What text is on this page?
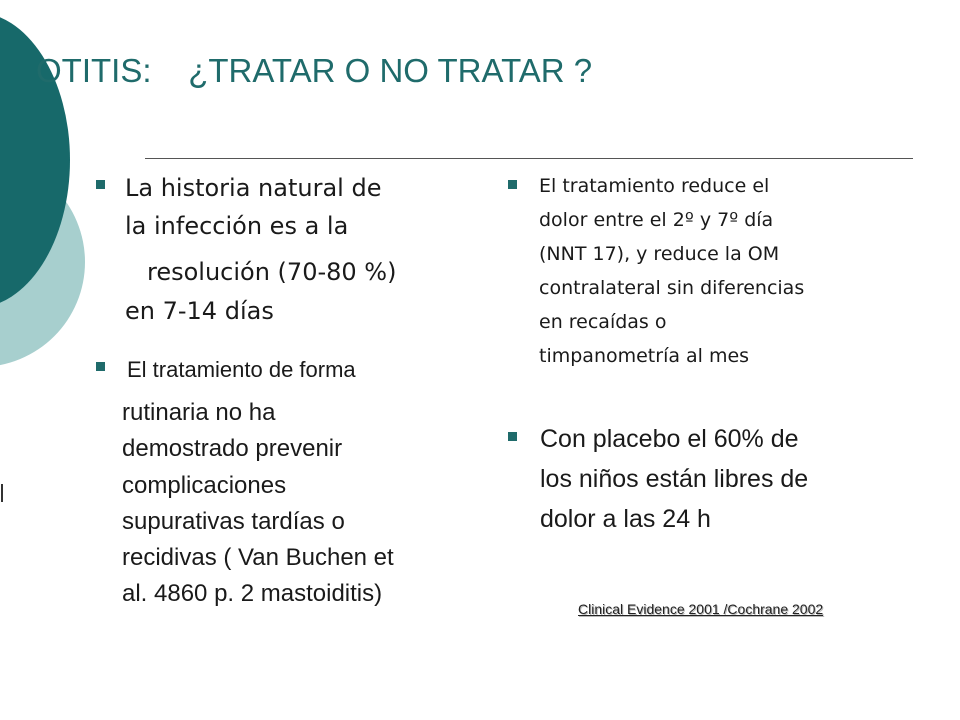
OTITIS: ¿TRATAR O NO TRATAR ?

La historia natural de

la infección es a la

resolución (70-80 %)

en 7-14 días

El tratamiento de forma

rutinaria no ha

demostrado prevenir

complicaciones

supurativas tardías o

recidivas ( Van Buchen et

al. 4860 p. 2 mastoiditis)

El tratamiento reduce el

dolor entre el 2º y 7º día

(NNT 17), y reduce la OM

contralateral sin diferencias

en recaídas o

timpanometría al mes

Con placebo el 60% de

los niños están libres de

dolor a las 24 h

Clinical Evidence 2001 /Cochrane 2002
